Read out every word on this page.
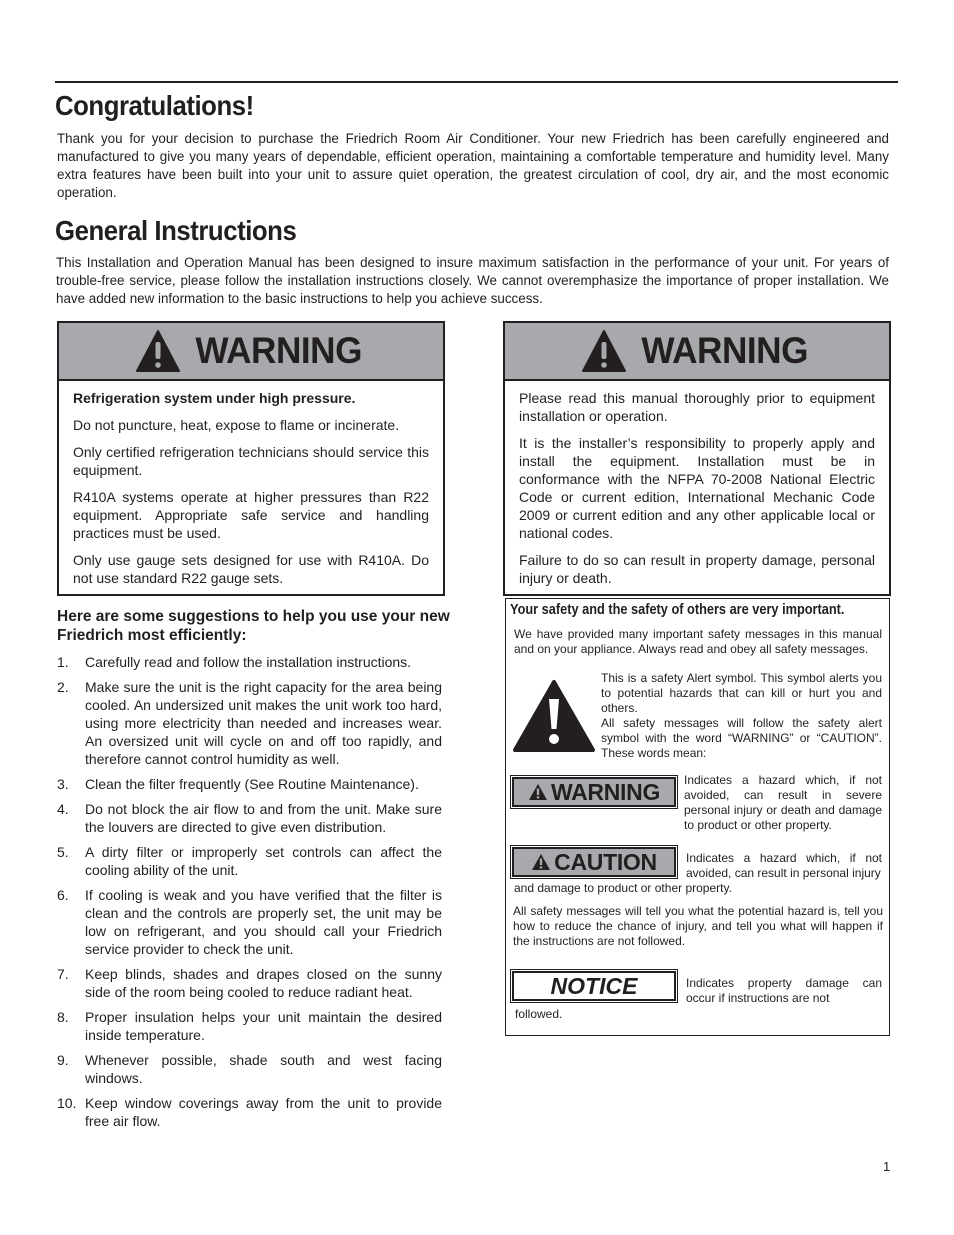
Congratulations!

Thank you for your decision to purchase the Friedrich Room Air Conditioner. Your new Friedrich has been carefully engineered and manufactured to give you many years of dependable, efficient operation, maintaining a comfortable temperature and humidity level. Many extra features have been built into your unit to assure quiet operation, the greatest circulation of cool, dry air, and the most economic operation.

General Instructions

This Installation and Operation Manual has been designed to insure maximum satisfaction in the performance of your unit. For years of trouble-free service, please follow the installation instructions closely. We cannot overemphasize the importance of proper installation. We have added new information to the basic instructions to help you achieve success.

WARNING

Refrigeration system under high pressure.

Do not puncture, heat, expose to flame or incinerate.

Only certified refrigeration technicians should service this equipment.

R410A systems operate at higher pressures than R22 equipment. Appropriate safe service and handling practices must be used.

Only use gauge sets designed for use with R410A. Do not use standard R22 gauge sets.

WARNING

Please read this manual thoroughly prior to equipment installation or operation.

It is the installer’s responsibility to properly apply and install the equipment. Installation must be in conformance with the NFPA 70-2008 National Electric Code or current edition, International Mechanic Code 2009 or current edition and any other applicable local or national codes.

Failure to do so can result in property damage, personal injury or death.

Here are some suggestions to help you use your new Friedrich most efficiently:

1. Carefully read and follow the installation instructions.
2. Make sure the unit is the right capacity for the area being cooled. An undersized unit makes the unit work too hard, using more electricity than needed and increases wear. An oversized unit will cycle on and off too rapidly, and therefore cannot control humidity as well.
3. Clean the filter frequently (See Routine Maintenance).
4. Do not block the air flow to and from the unit. Make sure the louvers are directed to give even distribution.
5. A dirty filter or improperly set controls can affect the cooling ability of the unit.
6. If cooling is weak and you have verified that the filter is clean and the controls are properly set, the unit may be low on refrigerant, and you should call your Friedrich service provider to check the unit.
7. Keep blinds, shades and drapes closed on the sunny side of the room being cooled to reduce radiant heat.
8. Proper insulation helps your unit maintain the desired inside temperature.
9. Whenever possible, shade south and west facing windows.
10. Keep window coverings away from the unit to provide free air flow.
Your safety and the safety of others are very important.

We have provided many important safety messages in this manual and on your appliance. Always read and obey all safety messages.

This is a safety Alert symbol. This symbol alerts you to potential hazards that can kill or hurt you and others.

All safety messages will follow the safety alert symbol with the word “WARNING” or “CAUTION”. These words mean:

WARNING Indicates a hazard which, if not avoided, can result in severe personal injury or death and damage to product or other property.

CAUTION Indicates a hazard which, if not avoided, can result in personal injury

and damage to product or other property.

All safety messages will tell you what the potential hazard is, tell you how to reduce the chance of injury, and tell you what will happen if the instructions are not followed.

NOTICE	Indicates property damage can occur if instructions are not

followed.

1
